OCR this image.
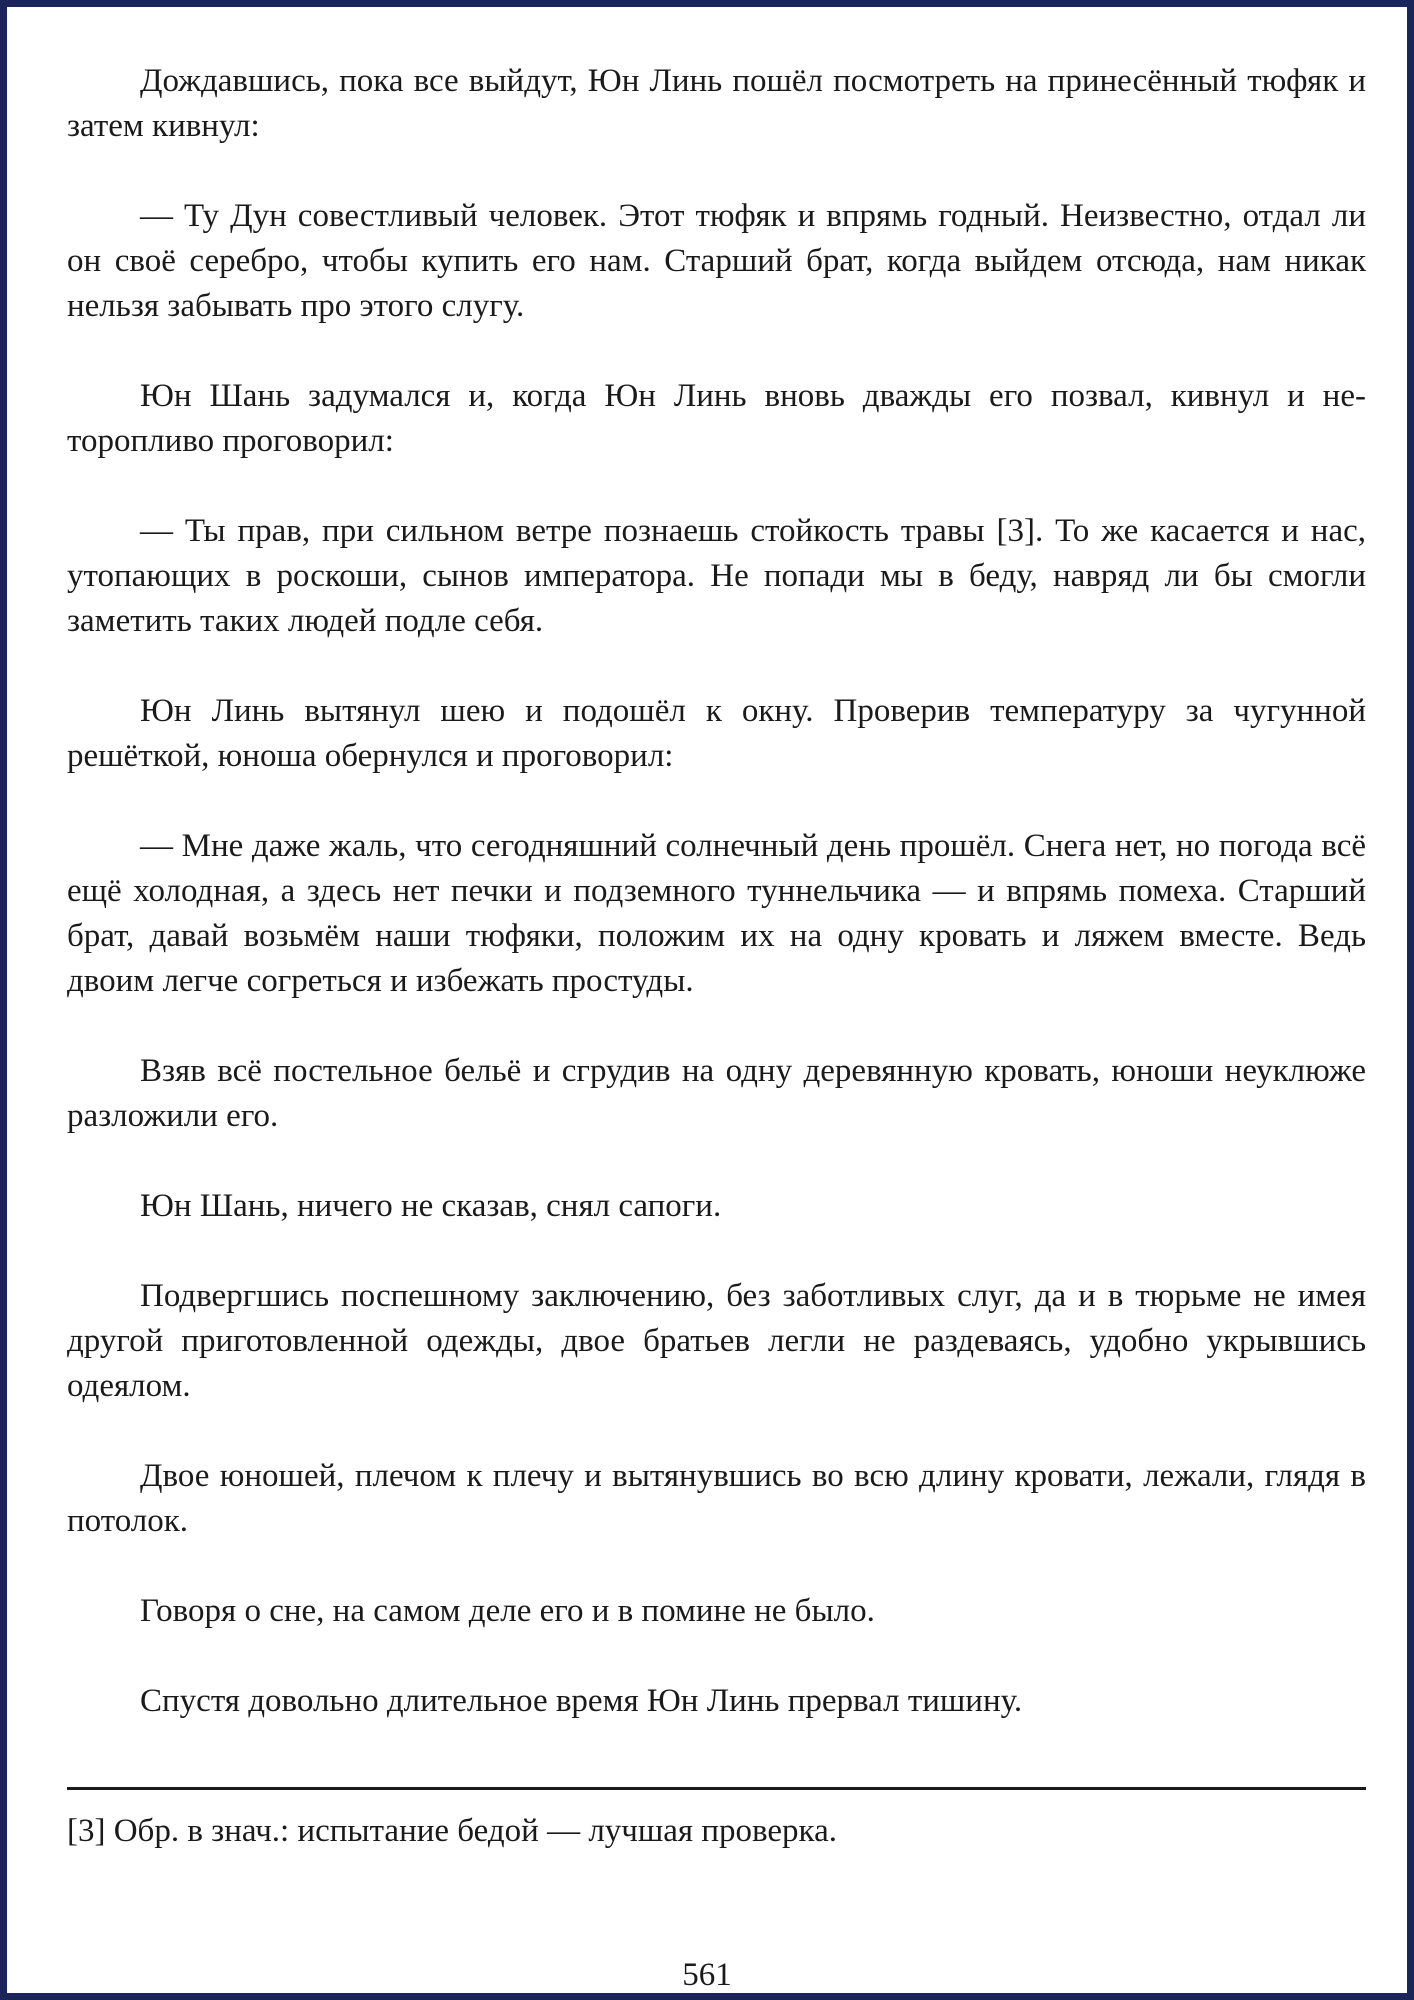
Дождавшись, пока все выйдут, Юн Линь пошёл посмотреть на принесённый тюфяк и затем кивнул:

— Ту Дун совестливый человек. Этот тюфяк и впрямь годный. Неизвестно, отдал ли он своё серебро, чтобы купить его нам. Старший брат, когда выйдем отсюда, нам никак нельзя забывать про этого слугу.

Юн Шань задумался и, когда Юн Линь вновь дважды его позвал, кивнул и неторопливо проговорил:

— Ты прав, при сильном ветре познаешь стойкость травы [3]. То же касается и нас, утопающих в роскоши, сынов императора. Не попади мы в беду, навряд ли бы смогли заметить таких людей подле себя.

Юн Линь вытянул шею и подошёл к окну. Проверив температуру за чугунной решёткой, юноша обернулся и проговорил:

— Мне даже жаль, что сегодняшний солнечный день прошёл. Снега нет, но погода всё ещё холодная, а здесь нет печки и подземного туннельчика — и впрямь помеха. Старший брат, давай возьмём наши тюфяки, положим их на одну кровать и ляжем вместе. Ведь двоим легче согреться и избежать простуды.

Взяв всё постельное бельё и сгрудив на одну деревянную кровать, юноши неуклюже разложили его.

Юн Шань, ничего не сказав, снял сапоги.

Подвергшись поспешному заключению, без заботливых слуг, да и в тюрьме не имея другой приготовленной одежды, двое братьев легли не раздеваясь, удобно укрывшись одеялом.

Двое юношей, плечом к плечу и вытянувшись во всю длину кровати, лежали, глядя в потолок.

Говоря о сне, на самом деле его и в помине не было.

Спустя довольно длительное время Юн Линь прервал тишину.

[3] Обр. в знач.: испытание бедой — лучшая проверка.

561
